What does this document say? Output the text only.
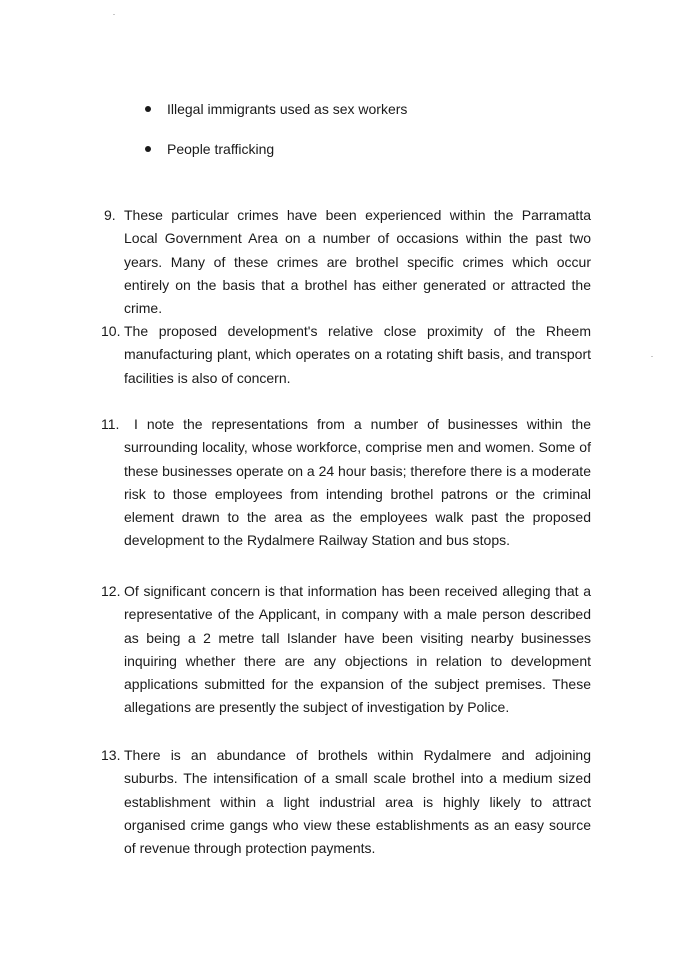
Illegal immigrants used as sex workers
People trafficking
9. These particular crimes have been experienced within the Parramatta Local Government Area on a number of occasions within the past two years. Many of these crimes are brothel specific crimes which occur entirely on the basis that a brothel has either generated or attracted the crime.
10. The proposed development's relative close proximity of the Rheem manufacturing plant, which operates on a rotating shift basis, and transport facilities is also of concern.
11.	I note the representations from a number of businesses within the surrounding locality, whose workforce, comprise men and women. Some of these businesses operate on a 24 hour basis; therefore there is a moderate risk to those employees from intending brothel patrons or the criminal element drawn to the area as the employees walk past the proposed development to the Rydalmere Railway Station and bus stops.
12. Of significant concern is that information has been received alleging that a representative of the Applicant, in company with a male person described as being a 2 metre tall Islander have been visiting nearby businesses inquiring whether there are any objections in relation to development applications submitted for the expansion of the subject premises. These allegations are presently the subject of investigation by Police.
13. There is an abundance of brothels within Rydalmere and adjoining suburbs. The intensification of a small scale brothel into a medium sized establishment within a light industrial area is highly likely to attract organised crime gangs who view these establishments as an easy source of revenue through protection payments.
